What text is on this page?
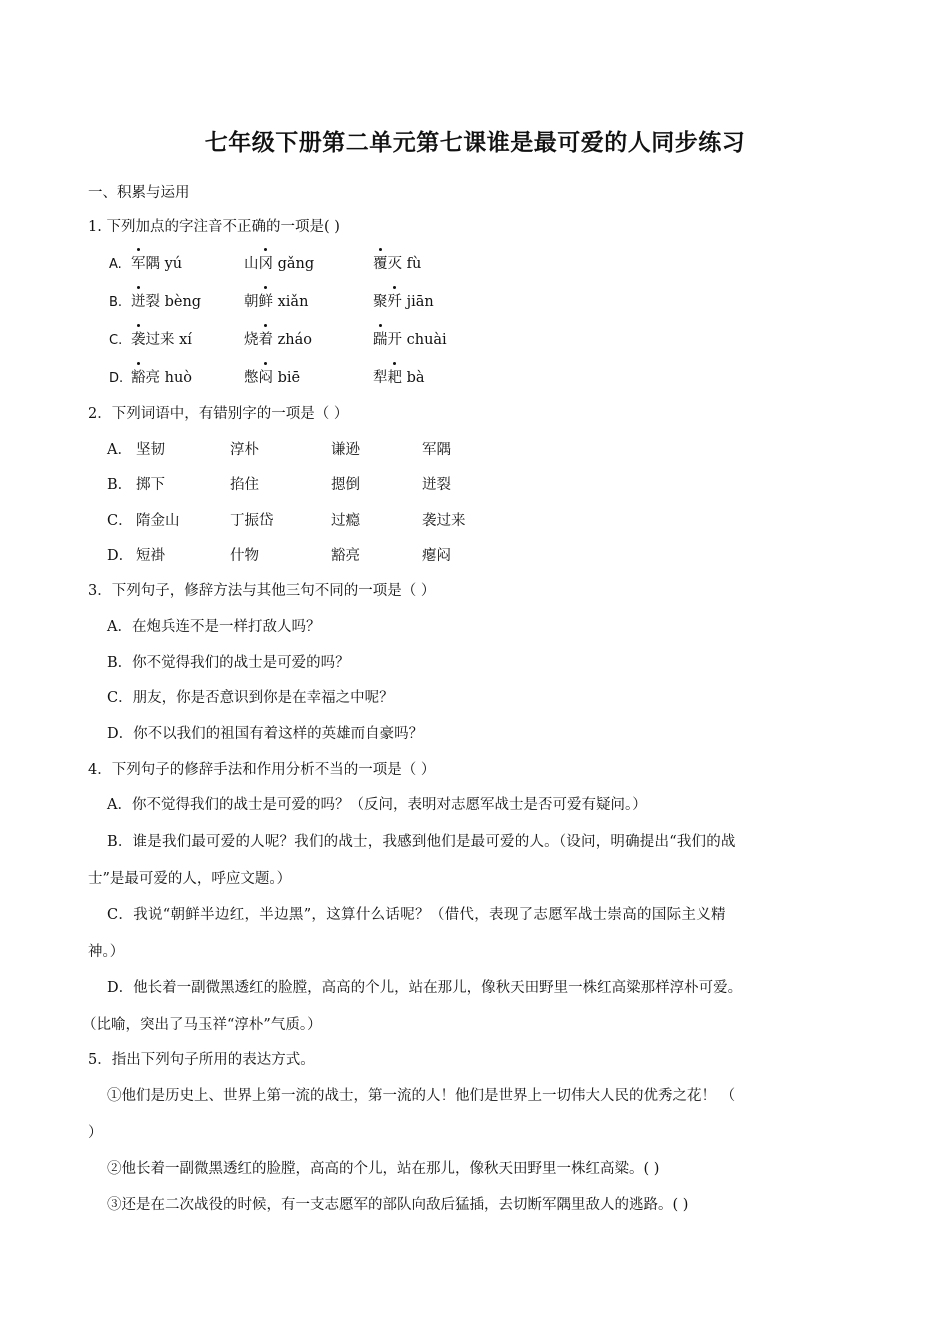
七年级下册第二单元第七课谁是最可爱的人同步练习
一、积累与运用
1. 下列加点的字注音不正确的一项是( )
A. 军隅 yú	山冈 gǎng	覆灭 fù
B. 迸裂 bèng	朝鲜 xiǎn	聚歼 jiān
C. 袭过来 xí	烧着 zháo	踹开 chuài
D. 豁亮 huò	憋闷 biē	犁耙 bà
2．下列词语中，有错别字的一项是（ ）
A． 坚韧	淳朴	谦逊	军隅
B． 掷下	掐住	摁倒	迸裂
C． 隋金山	丁振岱	过瘾	袭过来
D． 短褂	什物	豁亮	瘪闷
3．下列句子，修辞方法与其他三句不同的一项是（ ）
A．在炮兵连不是一样打敌人吗？
B．你不觉得我们的战士是可爱的吗？
C．朋友，你是否意识到你是在幸福之中呢？
D．你不以我们的祖国有着这样的英雄而自豪吗？
4．下列句子的修辞手法和作用分析不当的一项是（ ）
A．你不觉得我们的战士是可爱的吗？（反问，表明对志愿军战士是否可爱有疑问。）
B．谁是我们最可爱的人呢？我们的战士，我感到他们是最可爱的人。（设问，明确提出“我们的战
士”是最可爱的人，呼应文题。）
C．我说“朝鲜半边红，半边黑”，这算什么话呢？（借代，表现了志愿军战士崇高的国际主义精
神。）
D．他长着一副微黑透红的脸膛，高高的个儿，站在那儿，像秋天田野里一株红高粱那样淳朴可爱。
（比喻，突出了马玉祥“淳朴”气质。）
5．指出下列句子所用的表达方式。
①他们是历史上、世界上第一流的战士，第一流的人！他们是世界上一切伟大人民的优秀之花！ （
）
②他长着一副微黑透红的脸膛，高高的个儿，站在那儿，像秋天田野里一株红高粱。( )
③还是在二次战役的时候，有一支志愿军的部队向敌后猛插，去切断军隅里敌人的逃路。( )
